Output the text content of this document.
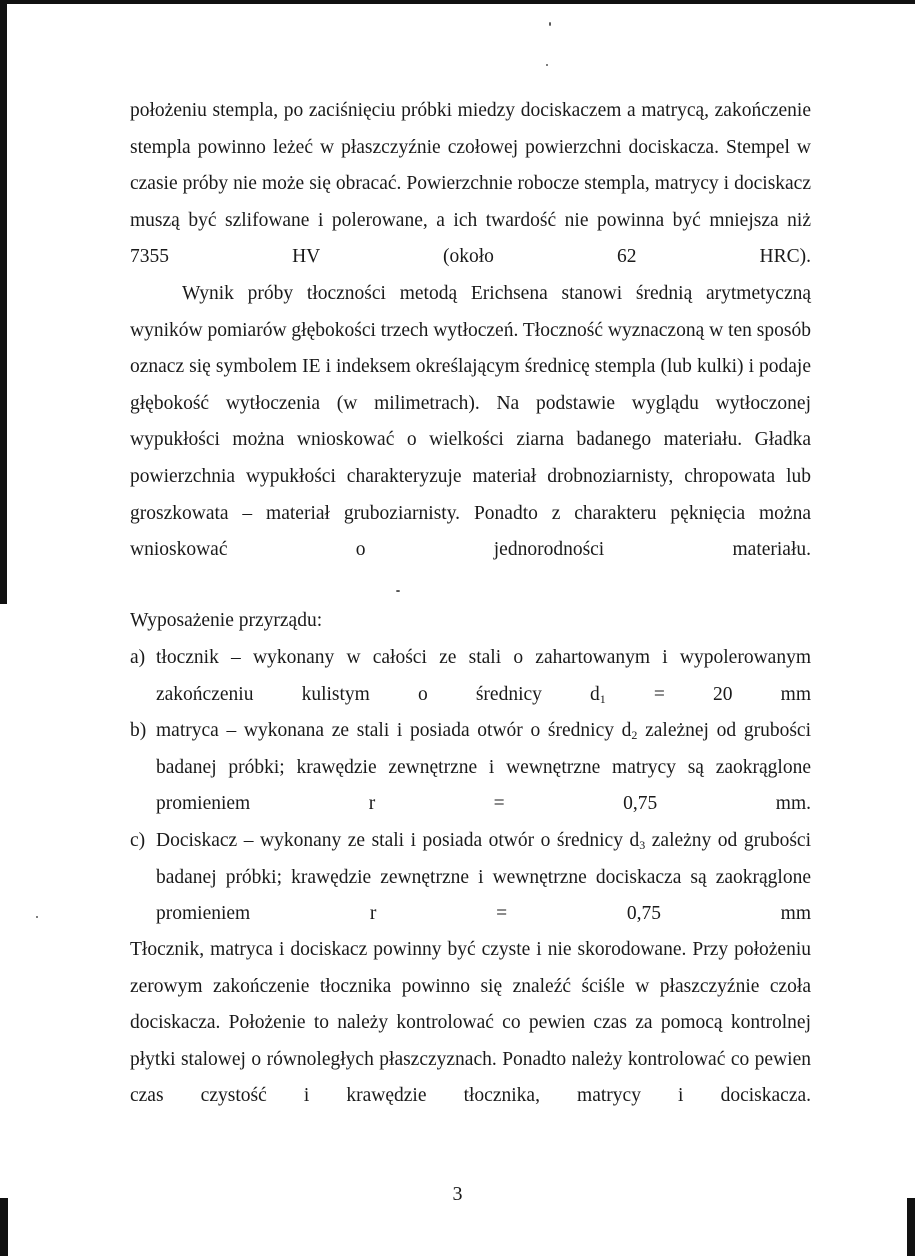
położeniu stempla, po zaciśnięciu próbki miedzy dociskaczem a matrycą, zakończenie stempla powinno leżeć w płaszczyźnie czołowej powierzchni dociskacza. Stempel w czasie próby nie może się obracać. Powierzchnie robocze stempla, matrycy i dociskacz muszą być szlifowane i polerowane, a ich twardość nie powinna być mniejsza niż 7355 HV (około 62 HRC).

Wynik próby tłoczności metodą Erichsena stanowi średnią arytmetyczną wyników pomiarów głębokości trzech wytłoczeń. Tłoczność wyznaczoną w ten sposób oznacz się symbolem IE i indeksem określającym średnicę stempla (lub kulki) i podaje głębokość wytłoczenia (w milimetrach). Na podstawie wyglądu wytłoczonej wypukłości można wnioskować o wielkości ziarna badanego materiału. Gładka powierzchnia wypukłości charakteryzuje materiał drobnoziarnisty, chropowata lub groszkowata – materiał gruboziarnisty. Ponadto z charakteru pęknięcia można wnioskować o jednorodności materiału.

Wyposażenie przyrządu:

a) tłocznik – wykonany w całości ze stali o zahartowanym i wypolerowanym zakończeniu kulistym o średnicy $d_1 = 20$ mm
b) matryca – wykonana ze stali i posiada otwór o średnicy $d_2$ zależnej od grubości badanej próbki; krawędzie zewnętrzne i wewnętrzne matrycy są zaokrąglone promieniem r = 0,75 mm.
c) Dociskacz – wykonany ze stali i posiada otwór o średnicy $d_3$ zależny od grubości badanej próbki; krawędzie zewnętrzne i wewnętrzne dociskacza są zaokrąglone promieniem r = 0,75 mm

Tłocznik, matryca i dociskacz powinny być czyste i nie skorodowane. Przy położeniu zerowym zakończenie tłocznika powinno się znaleźć ściśle w płaszczyźnie czoła dociskacza. Położenie to należy kontrolować co pewien czas za pomocą kontrolnej płytki stalowej o równoległych płaszczyznach. Ponadto należy kontrolować co pewien czas czystość i krawędzie tłocznika, matrycy i dociskacza.

3
